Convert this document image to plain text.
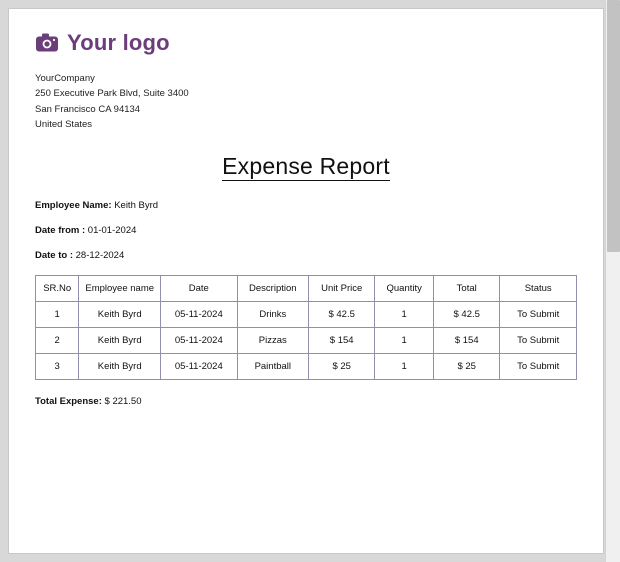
Your logo
YourCompany
250 Executive Park Blvd, Suite 3400
San Francisco CA 94134
United States
Expense Report
Employee Name: Keith Byrd
Date from : 01-01-2024
Date to : 28-12-2024
SR.No	Employee name	Date	Description	Unit Price	Quantity	Total	Status
1	Keith Byrd	05-11-2024	Drinks	$ 42.5	1	$ 42.5	To Submit
2	Keith Byrd	05-11-2024	Pizzas	$ 154	1	$ 154	To Submit
3	Keith Byrd	05-11-2024	Paintball	$ 25	1	$ 25	To Submit
Total Expense: $ 221.50
